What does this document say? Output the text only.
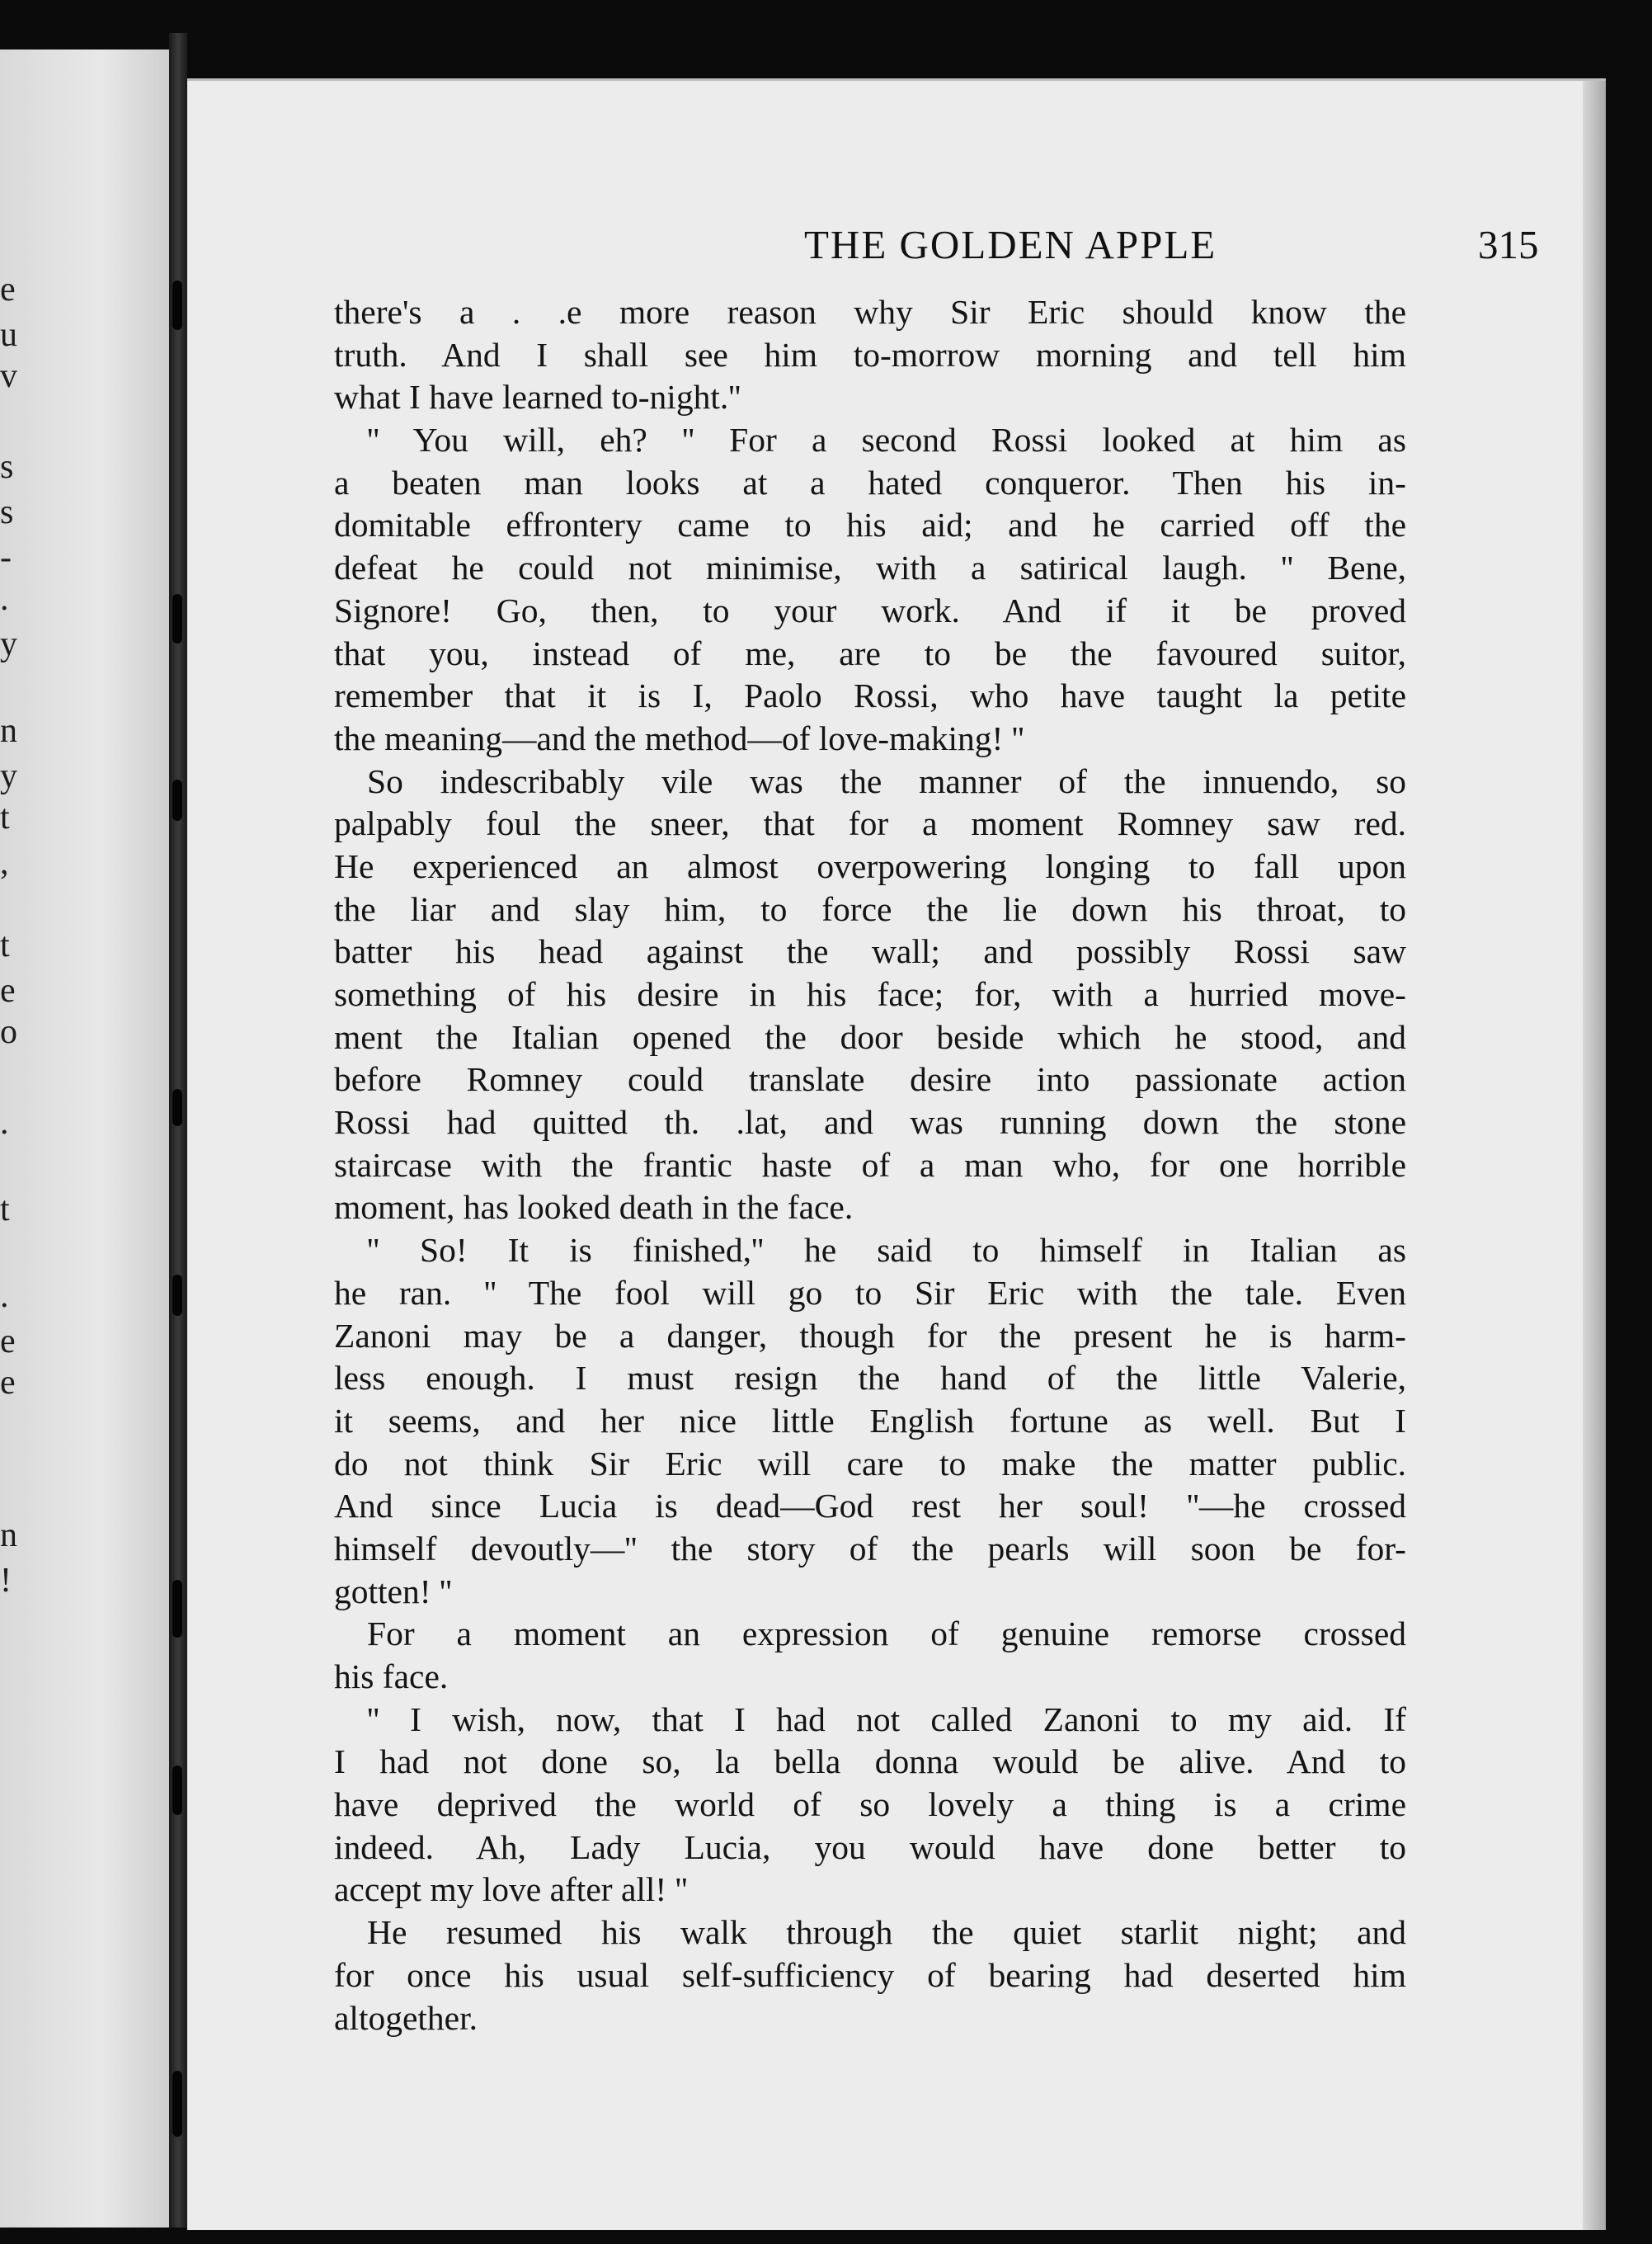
e
u
v
s
s
-
.
y
n
y
t
,
t
e
o
.
t
.
e
e
n
!
THE GOLDEN APPLE	315
there's a . .e more reason why Sir Eric should know the
truth. And I shall see him to-morrow morning and tell him
what I have learned to-night.''
'' You will, eh? '' For a second Rossi looked at him as
a beaten man looks at a hated conqueror. Then his in-
domitable effrontery came to his aid; and he carried off the
defeat he could not minimise, with a satirical laugh. '' Bene,
Signore! Go, then, to your work. And if it be proved
that you, instead of me, are to be the favoured suitor,
remember that it is I, Paolo Rossi, who have taught la petite
the meaning—and the method—of love-making! ''
So indescribably vile was the manner of the innuendo, so
palpably foul the sneer, that for a moment Romney saw red.
He experienced an almost overpowering longing to fall upon
the liar and slay him, to force the lie down his throat, to
batter his head against the wall; and possibly Rossi saw
something of his desire in his face; for, with a hurried move-
ment the Italian opened the door beside which he stood, and
before Romney could translate desire into passionate action
Rossi had quitted th. .lat, and was running down the stone
staircase with the frantic haste of a man who, for one horrible
moment, has looked death in the face.
'' So! It is finished,'' he said to himself in Italian as
he ran. '' The fool will go to Sir Eric with the tale. Even
Zanoni may be a danger, though for the present he is harm-
less enough. I must resign the hand of the little Valerie,
it seems, and her nice little English fortune as well. But I
do not think Sir Eric will care to make the matter public.
And since Lucia is dead—God rest her soul! ''—he crossed
himself devoutly—'' the story of the pearls will soon be for-
gotten! ''
For a moment an expression of genuine remorse crossed
his face.
'' I wish, now, that I had not called Zanoni to my aid. If
I had not done so, la bella donna would be alive. And to
have deprived the world of so lovely a thing is a crime
indeed. Ah, Lady Lucia, you would have done better to
accept my love after all! ''
He resumed his walk through the quiet starlit night; and
for once his usual self-sufficiency of bearing had deserted him
altogether.
